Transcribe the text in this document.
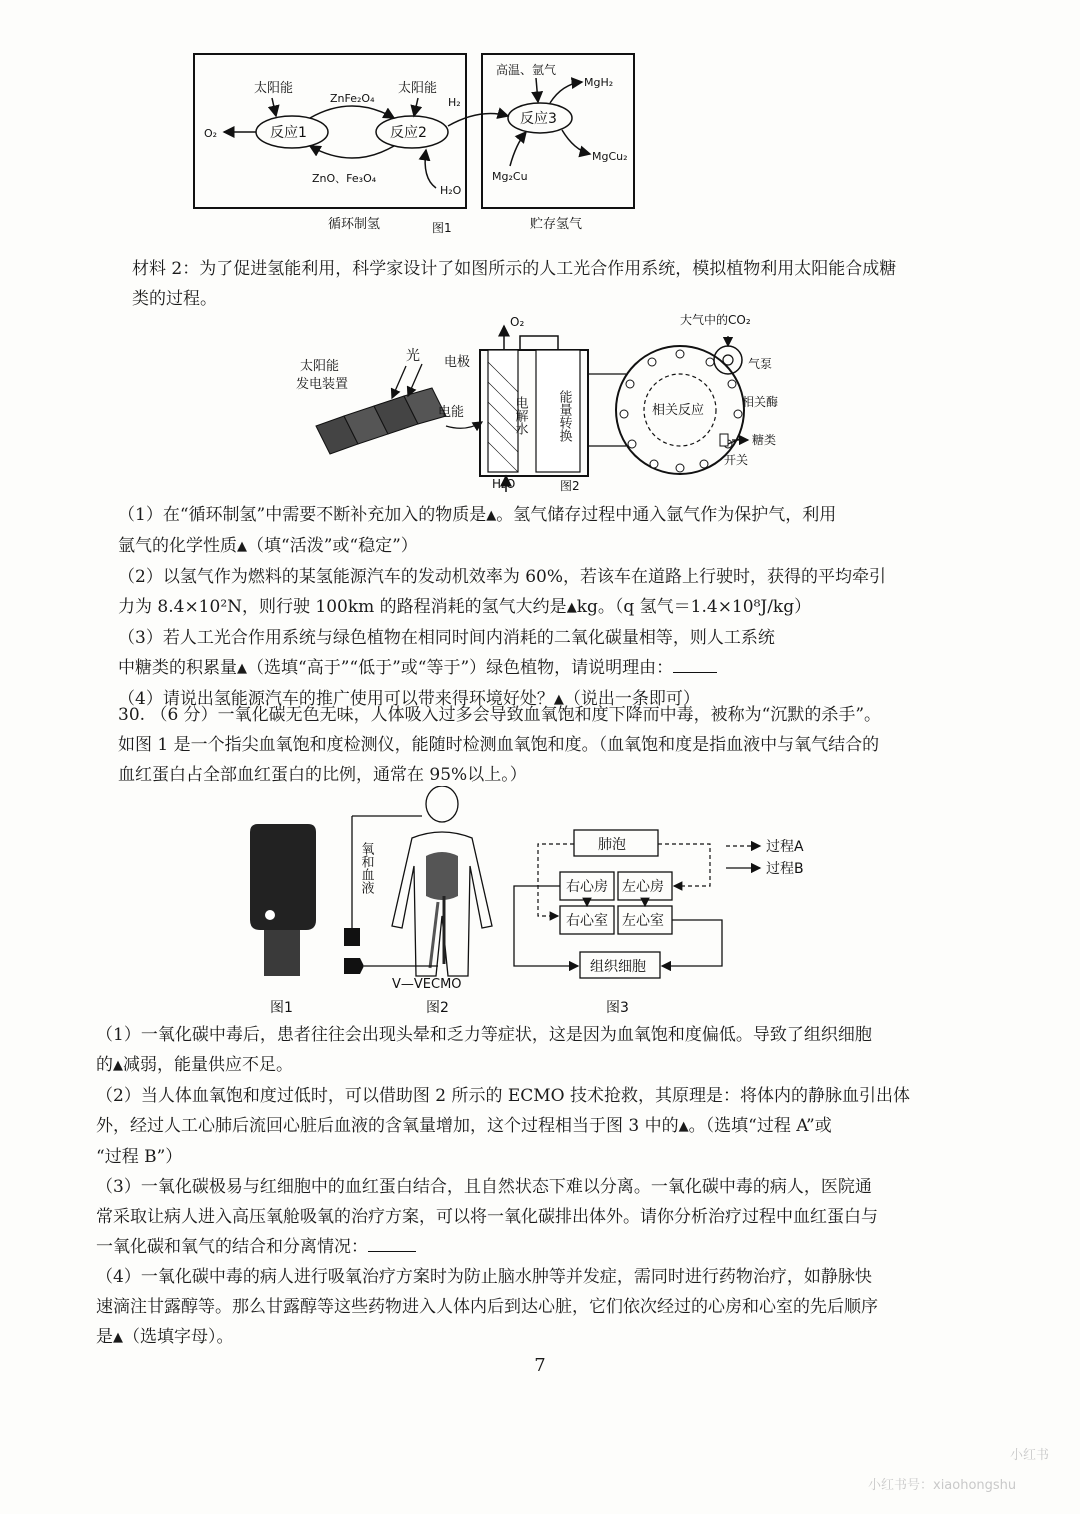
太阳能	太阳能
反应1	反应2
反应3
ZnFe₂O₄
ZnO、Fe₃O₄
O₂
H₂
H₂O
高温、氩气
MgH₂
Mg₂Cu
MgCu₂
循环制氢	图1	贮存氢气

材料 2：为了促进氢能利用，科学家设计了如图所示的人工光合作用系统，模拟植物利用太阳能合成糖

类的过程。

太阳能
发电装置
光
电能
电极
O₂
电解水 能量转换
H₂O	图2
大气中的CO₂
气泵
相关反应
相关酶
糖类
开关

（1）在“循环制氢”中需要不断补充加入的物质是▲。氢气储存过程中通入氩气作为保护气，利用

氩气的化学性质▲（填“活泼”或“稳定”）

（2）以氢气作为燃料的某氢能源汽车的发动机效率为 60%，若该车在道路上行驶时，获得的平均牵引

力为 8.4×10²N，则行驶 100km 的路程消耗的氢气大约是▲kg。（q 氢气＝1.4×10⁸J/kg）

（3）若人工光合作用系统与绿色植物在相同时间内消耗的二氧化碳量相等，则人工系统

中糖类的积累量▲（选填“高于”“低于”或“等于”）绿色植物，请说明理由：

（4）请说出氢能源汽车的推广使用可以带来得环境好处？▲（说出一条即可）

30. （6 分）一氧化碳无色无味，人体吸入过多会导致血氧饱和度下降而中毒，被称为“沉默的杀手”。

如图 1 是一个指尖血氧饱和度检测仪，能随时检测血氧饱和度。（血氧饱和度是指血液中与氧气结合的

血红蛋白占全部血红蛋白的比例，通常在 95%以上。）

图1
氧和血液
V—VECMO
图2
肺泡
右心房 左心房
右心室 左心室
组织细胞
过程A
过程B
图3

（1）一氧化碳中毒后，患者往往会出现头晕和乏力等症状，这是因为血氧饱和度偏低。导致了组织细胞

的▲减弱，能量供应不足。

（2）当人体血氧饱和度过低时，可以借助图 2 所示的 ECMO 技术抢救，其原理是：将体内的静脉血引出体

外，经过人工心肺后流回心脏后血液的含氧量增加，这个过程相当于图 3 中的▲。（选填“过程 A”或

“过程 B”）

（3）一氧化碳极易与红细胞中的血红蛋白结合，且自然状态下难以分离。一氧化碳中毒的病人，医院通

常采取让病人进入高压氧舱吸氧的治疗方案，可以将一氧化碳排出体外。请你分析治疗过程中血红蛋白与

一氧化碳和氧气的结合和分离情况：

（4）一氧化碳中毒的病人进行吸氧治疗方案时为防止脑水肿等并发症，需同时进行药物治疗，如静脉快

速滴注甘露醇等。那么甘露醇等这些药物进入人体内后到达心脏，它们依次经过的心房和心室的先后顺序

是▲（选填字母）。

7
小红书
小红书号：xiaohongshu
